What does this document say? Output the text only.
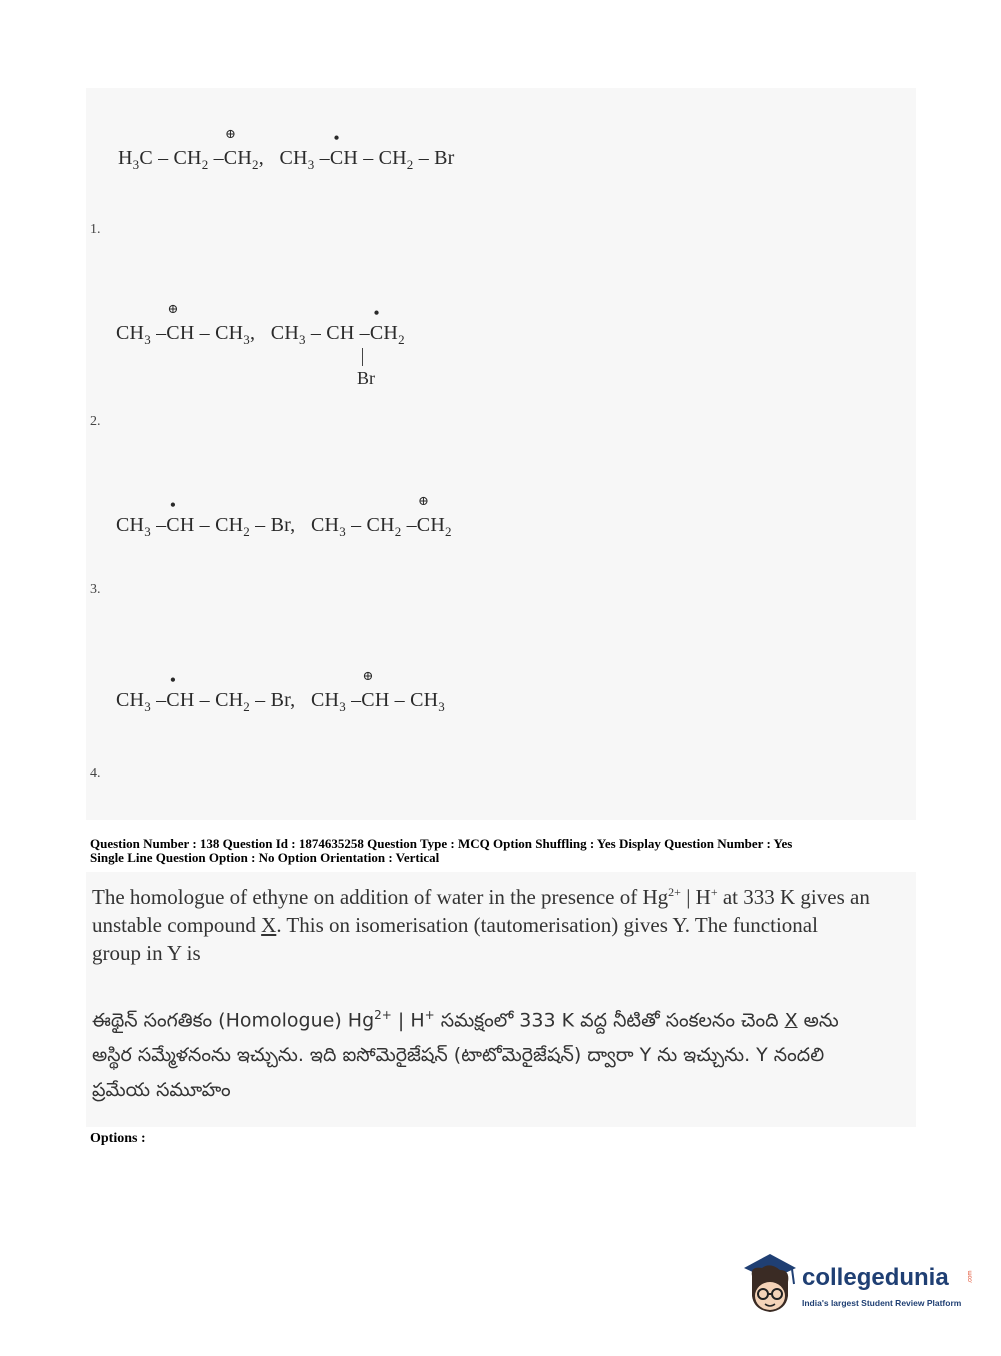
$H_3C - CH_2$ –
⊕
$CH_2$, $CH_3$ –
•
CH – $CH_2$ – Br
1.
$CH_3$ –
⊕
CH – $CH_3$, $CH_3$ – CH –
•
$CH_2$
Br
2.
$CH_3$ –
•
CH – $CH_2$ – Br, $CH_3 - CH_2$ –
⊕
$CH_2$
3.
$CH_3$ –
•
CH – $CH_2$ – Br, $CH_3$ –
⊕
CH – $CH_3$
4.
Question Number : 138 Question Id : 1874635258 Question Type : MCQ Option Shuffling : Yes Display Question Number : Yes
Single Line Question Option : No Option Orientation : Vertical
The homologue of ethyne on addition of water in the presence of $Hg^{2+}$ | H+ at 333 K gives an unstable compound X. This on isomerisation (tautomerisation) gives Y. The functional group in Y is
ఈథైన్ సంగతికం (Homologue) $Hg^{2+}$ | H+ సమక్షంలో 333 K వద్ద నీటితో సంకలనం చెంది X అను అస్థిర సమ్మేళనంను ఇచ్చును. ఇది ఐసోమెరైజేషన్ (టాటోమెరైజేషన్) ద్వారా Y ను ఇచ్చును. Y నందలి ప్రమేయ సమూహం
Options :
collegedunia	.com
India's largest Student Review Platform
